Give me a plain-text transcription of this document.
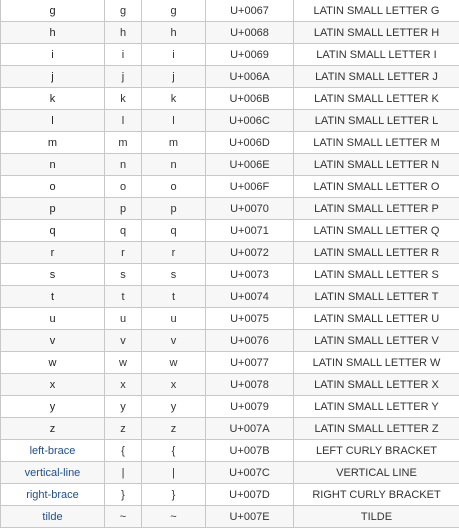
g	g	g	U+0067	LATIN SMALL LETTER G
h	h	h	U+0068	LATIN SMALL LETTER H
i	i	i	U+0069	LATIN SMALL LETTER I
j	j	j	U+006A	LATIN SMALL LETTER J
k	k	k	U+006B	LATIN SMALL LETTER K
l	l	l	U+006C	LATIN SMALL LETTER L
m	m	m	U+006D	LATIN SMALL LETTER M
n	n	n	U+006E	LATIN SMALL LETTER N
o	o	o	U+006F	LATIN SMALL LETTER O
p	p	p	U+0070	LATIN SMALL LETTER P
q	q	q	U+0071	LATIN SMALL LETTER Q
r	r	r	U+0072	LATIN SMALL LETTER R
s	s	s	U+0073	LATIN SMALL LETTER S
t	t	t	U+0074	LATIN SMALL LETTER T
u	u	u	U+0075	LATIN SMALL LETTER U
v	v	v	U+0076	LATIN SMALL LETTER V
w	w	w	U+0077	LATIN SMALL LETTER W
x	x	x	U+0078	LATIN SMALL LETTER X
y	y	y	U+0079	LATIN SMALL LETTER Y
z	z	z	U+007A	LATIN SMALL LETTER Z
left-brace	{	{	U+007B	LEFT CURLY BRACKET
vertical-line	|	|	U+007C	VERTICAL LINE
right-brace	}	}	U+007D	RIGHT CURLY BRACKET
tilde	~	~	U+007E	TILDE
